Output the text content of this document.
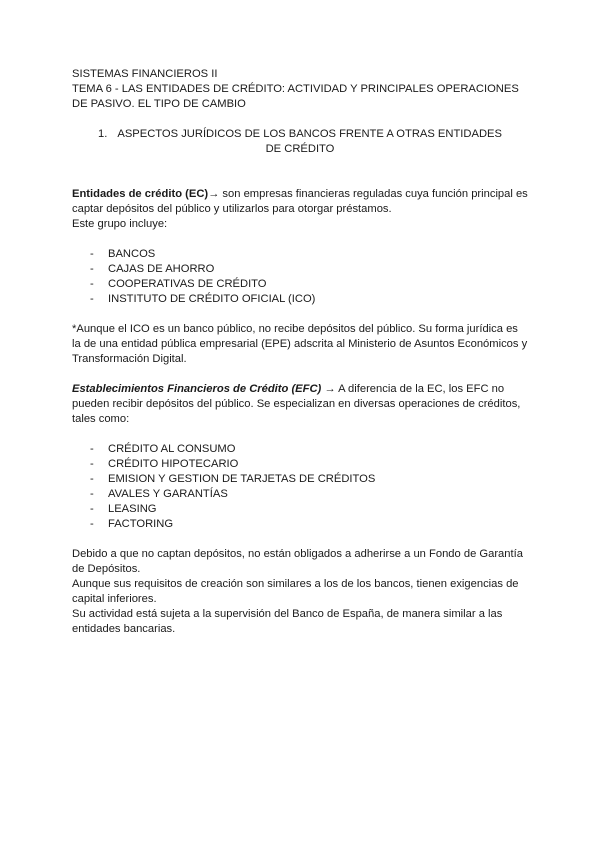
SISTEMAS FINANCIEROS II

TEMA 6 - LAS ENTIDADES DE CRÉDITO: ACTIVIDAD Y PRINCIPALES OPERACIONES DE PASIVO. EL TIPO DE CAMBIO

1. ASPECTOS JURÍDICOS DE LOS BANCOS FRENTE A OTRAS ENTIDADES DE CRÉDITO

Entidades de crédito (EC)→ son empresas financieras reguladas cuya función principal es captar depósitos del público y utilizarlos para otorgar préstamos.

Este grupo incluye:

- BANCOS
- CAJAS DE AHORRO
- COOPERATIVAS DE CRÉDITO
- INSTITUTO DE CRÉDITO OFICIAL (ICO)

*Aunque el ICO es un banco público, no recibe depósitos del público. Su forma jurídica es la de una entidad pública empresarial (EPE) adscrita al Ministerio de Asuntos Económicos y Transformación Digital.

Establecimientos Financieros de Crédito (EFC) → A diferencia de la EC, los EFC no pueden recibir depósitos del público. Se especializan en diversas operaciones de créditos, tales como:

- CRÉDITO AL CONSUMO
- CRÉDITO HIPOTECARIO
- EMISION Y GESTION DE TARJETAS DE CRÉDITOS
- AVALES Y GARANTÍAS
- LEASING
- FACTORING

Debido a que no captan depósitos, no están obligados a adherirse a un Fondo de Garantía de Depósitos.

Aunque sus requisitos de creación son similares a los de los bancos, tienen exigencias de capital inferiores.

Su actividad está sujeta a la supervisión del Banco de España, de manera similar a las entidades bancarias.
